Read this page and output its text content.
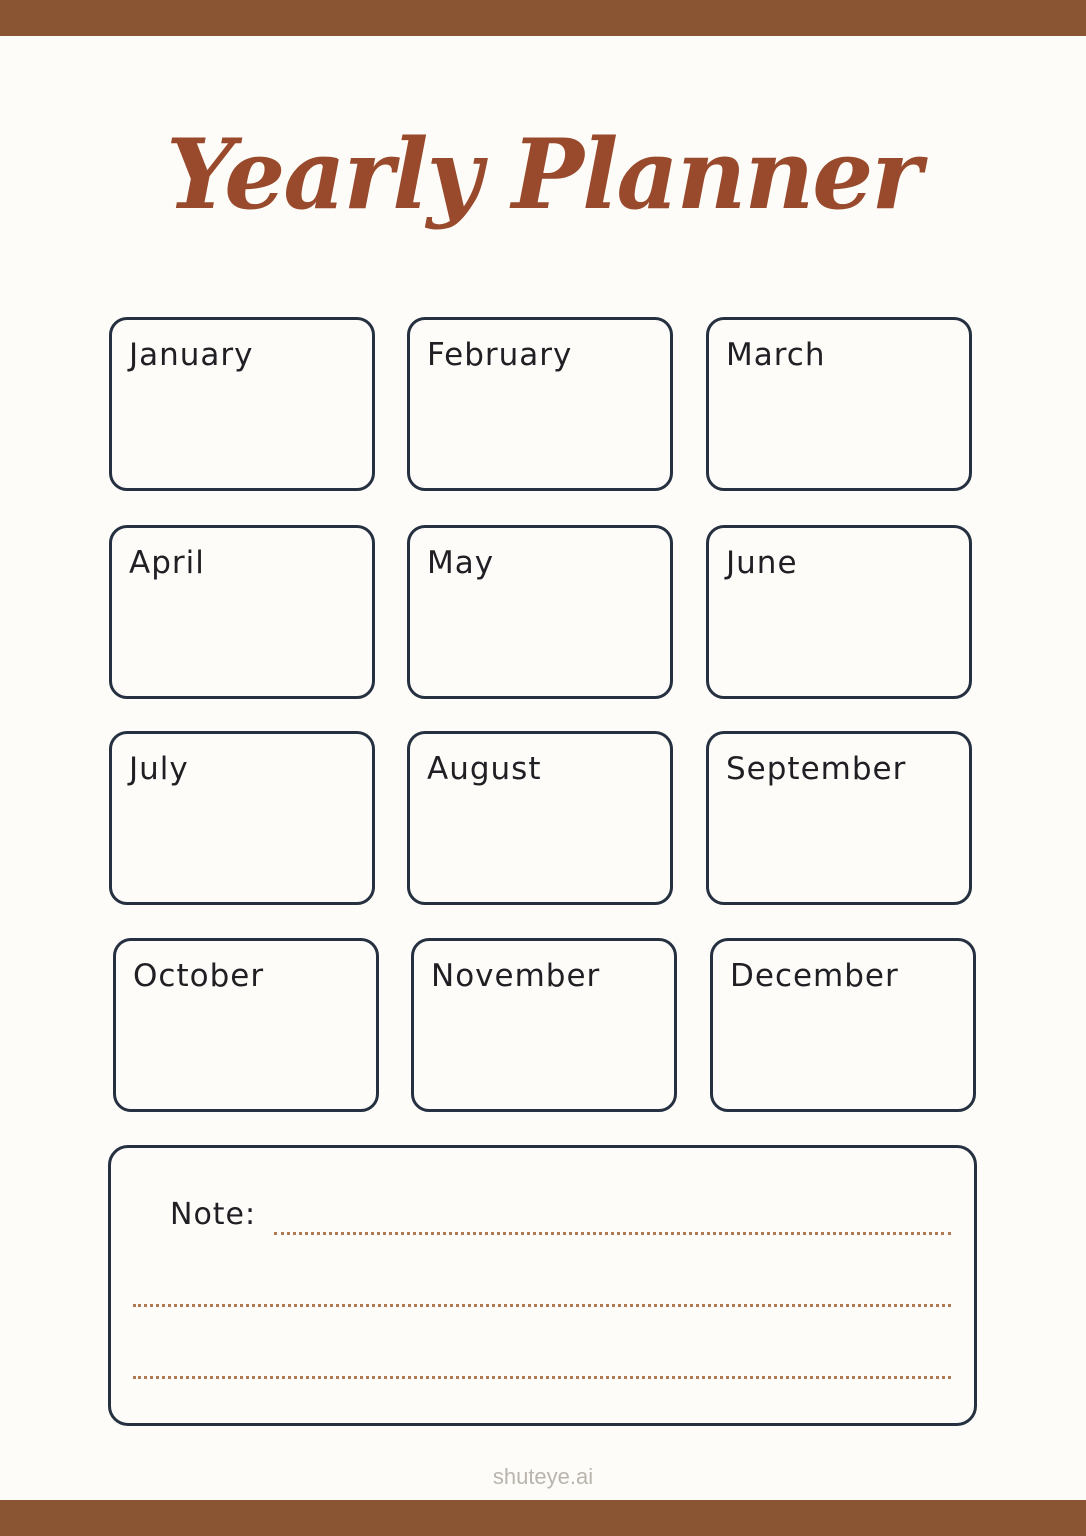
Yearly Planner
January	February	March
April	May	June
July	August	September
October	November	December
Note:
shuteye.ai
